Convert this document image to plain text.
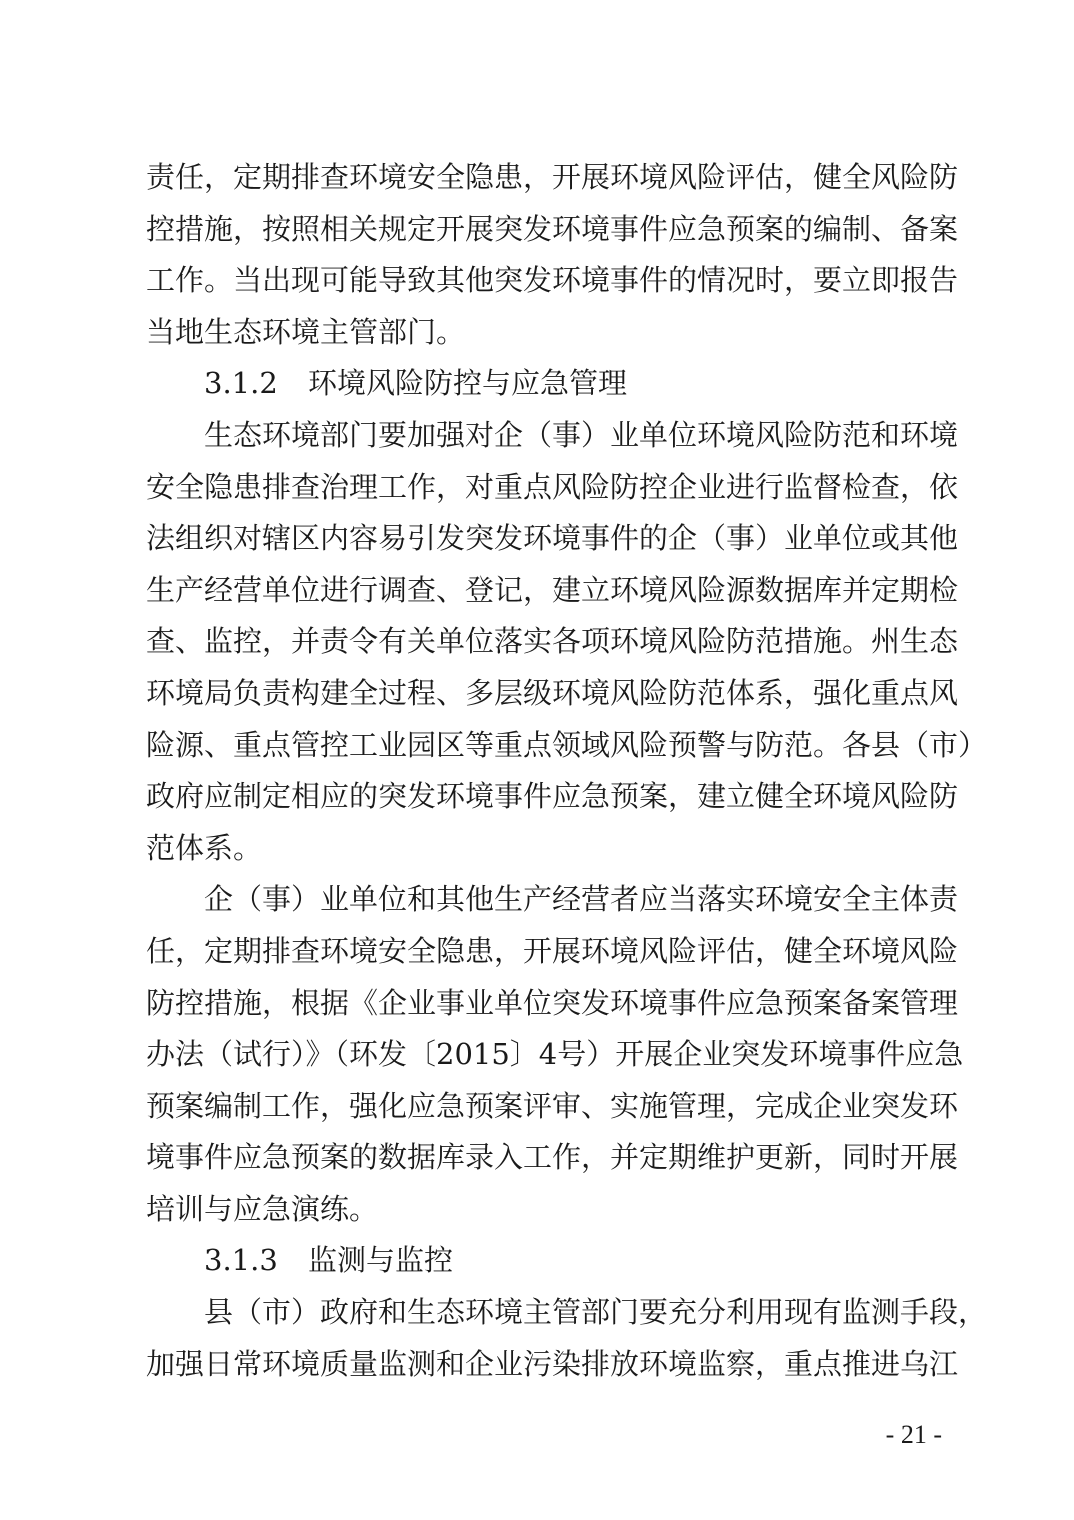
责任，定期排查环境安全隐患，开展环境风险评估，健全风险防
控措施，按照相关规定开展突发环境事件应急预案的编制、备案
工作。当出现可能导致其他突发环境事件的情况时，要立即报告
当地生态环境主管部门。
3.1.2 环境风险防控与应急管理
生态环境部门要加强对企（事）业单位环境风险防范和环境
安全隐患排查治理工作，对重点风险防控企业进行监督检查，依
法组织对辖区内容易引发突发环境事件的企（事）业单位或其他
生产经营单位进行调查、登记，建立环境风险源数据库并定期检
查、监控，并责令有关单位落实各项环境风险防范措施。州生态
环境局负责构建全过程、多层级环境风险防范体系，强化重点风
险源、重点管控工业园区等重点领域风险预警与防范。各县（市）
政府应制定相应的突发环境事件应急预案，建立健全环境风险防
范体系。
企（事）业单位和其他生产经营者应当落实环境安全主体责
任，定期排查环境安全隐患，开展环境风险评估，健全环境风险
防控措施，根据《企业事业单位突发环境事件应急预案备案管理
办法（试行）》（环发〔2015〕4号）开展企业突发环境事件应急
预案编制工作，强化应急预案评审、实施管理，完成企业突发环
境事件应急预案的数据库录入工作，并定期维护更新，同时开展
培训与应急演练。
3.1.3 监测与监控
县（市）政府和生态环境主管部门要充分利用现有监测手段，
加强日常环境质量监测和企业污染排放环境监察，重点推进乌江
- 21 -
